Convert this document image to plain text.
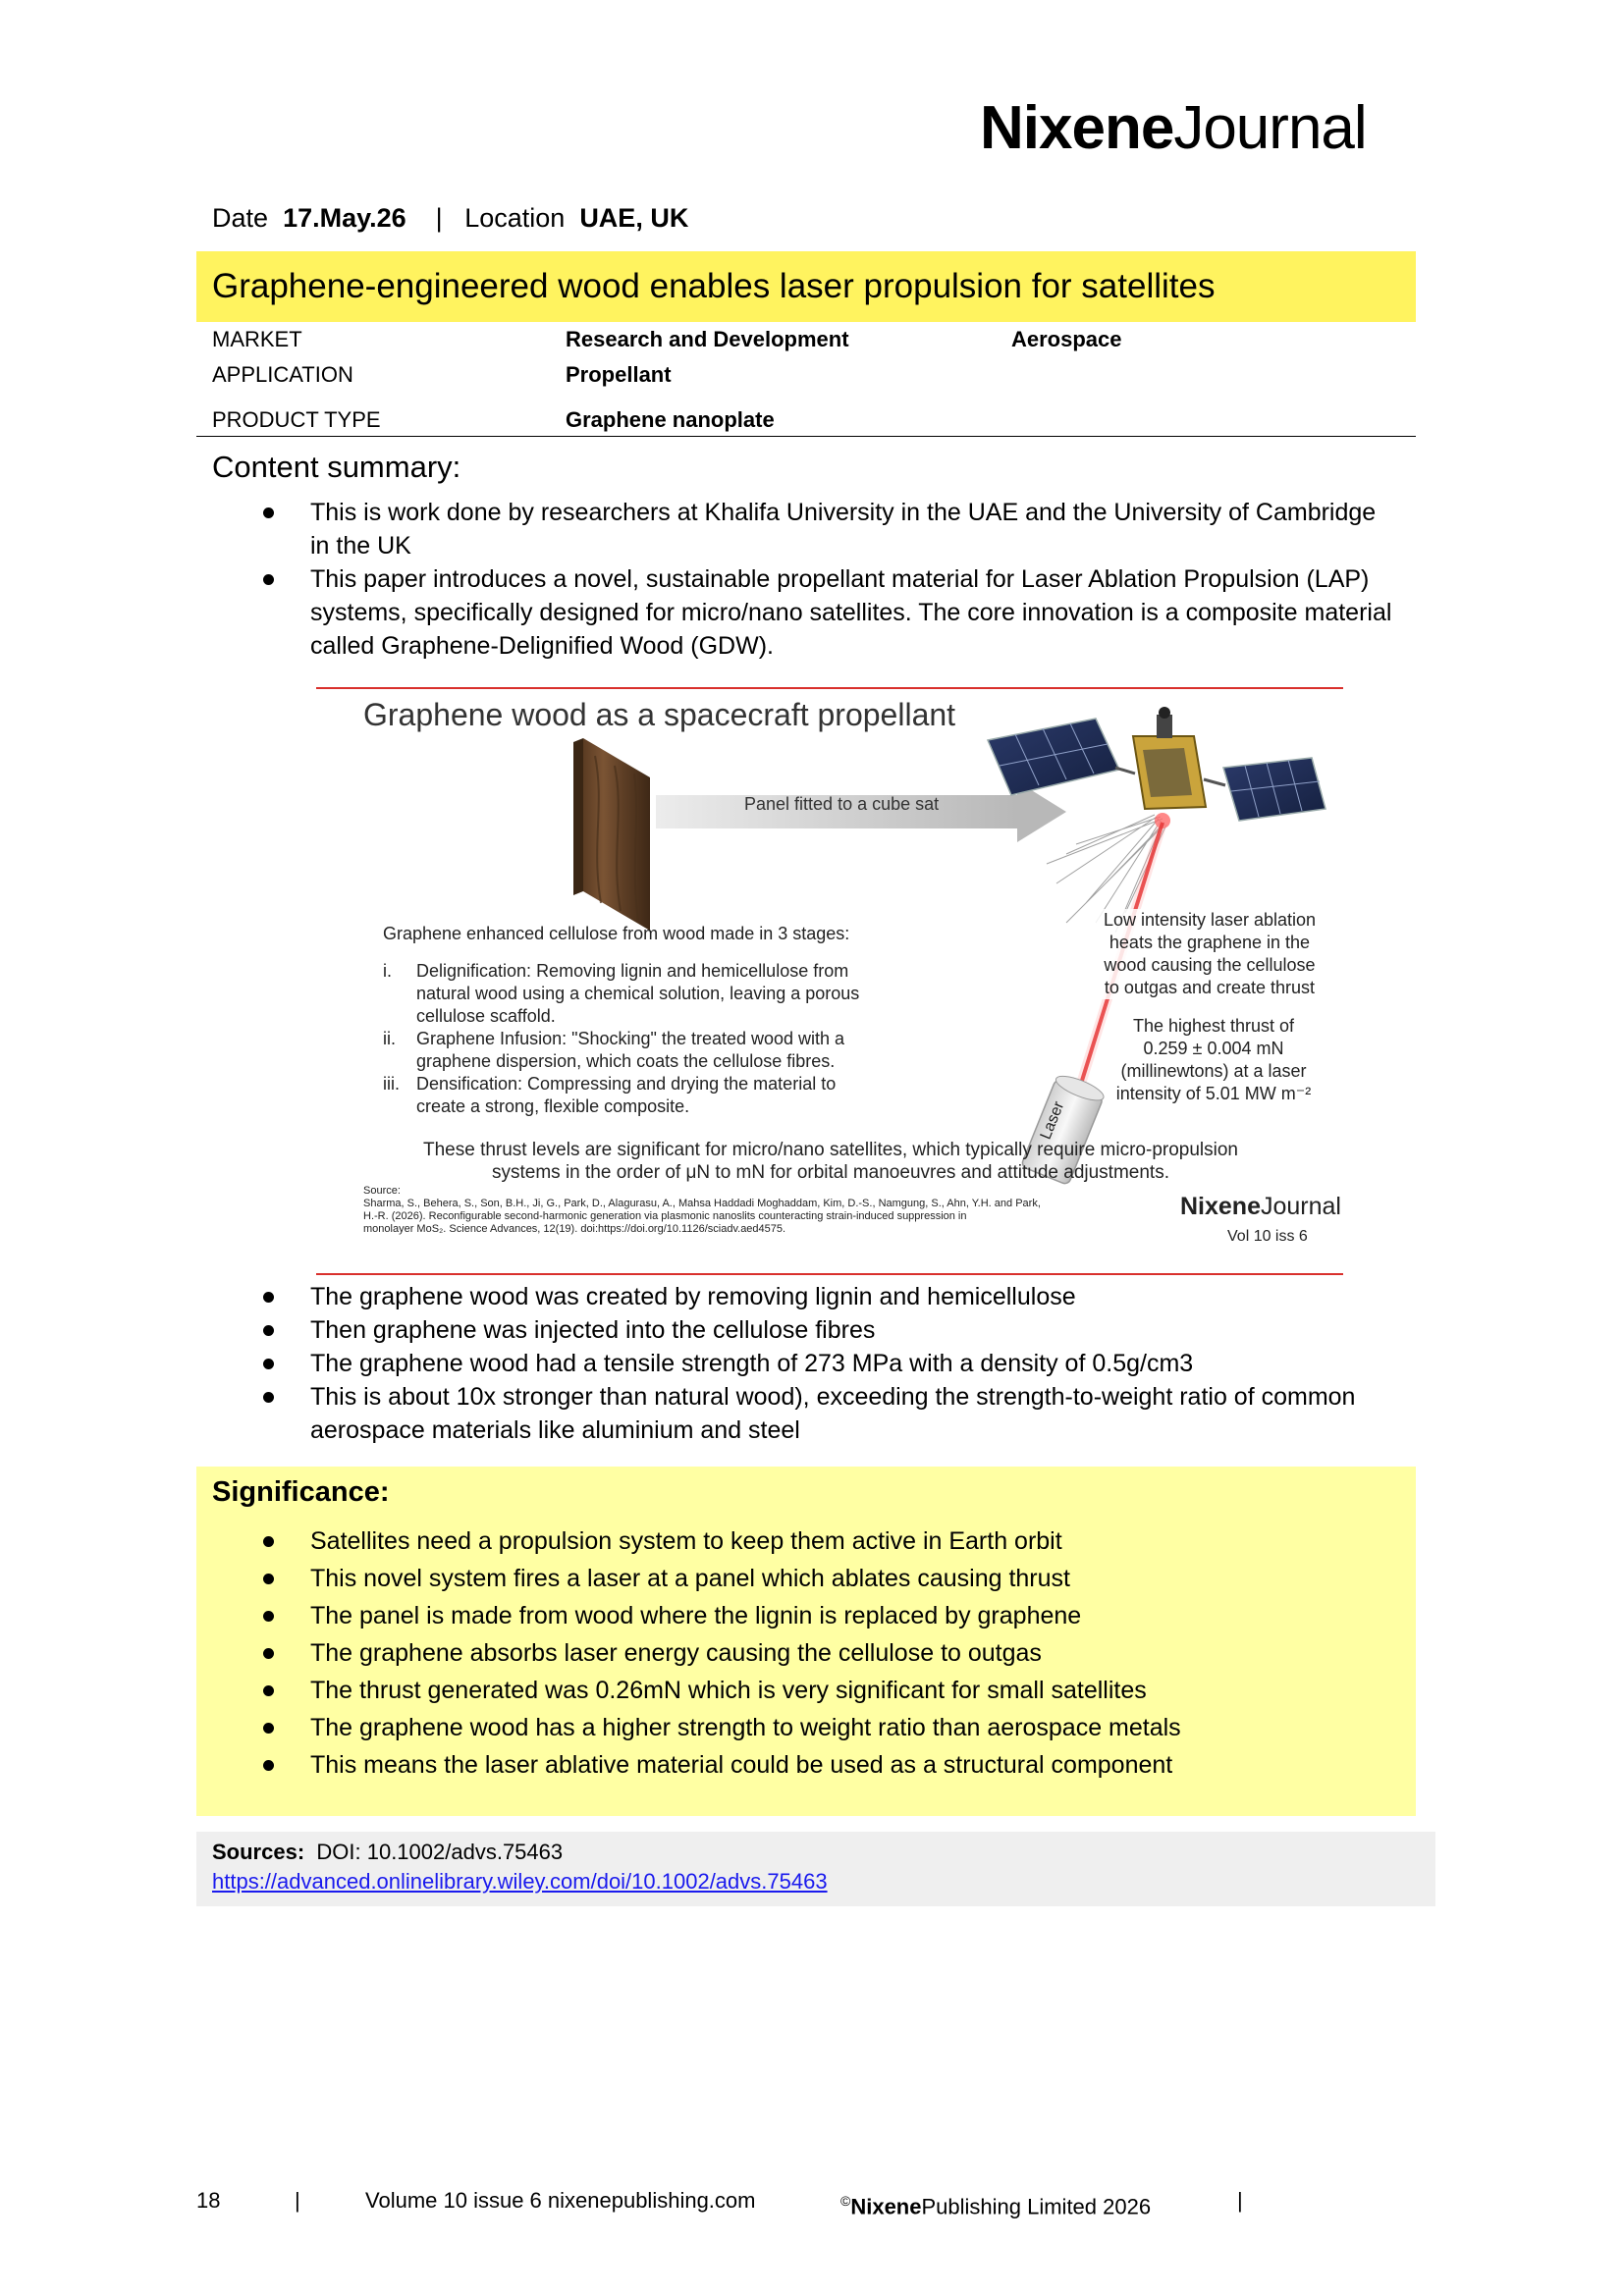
NixeneJournal
Date 17.May.26 | Location UAE, UK
Graphene-engineered wood enables laser propulsion for satellites
MARKET	Research and Development	Aerospace
APPLICATION	Propellant
PRODUCT TYPE	Graphene nanoplate
Content summary:
This is work done by researchers at Khalifa University in the UAE and the University of Cambridge in the UK
This paper introduces a novel, sustainable propellant material for Laser Ablation Propulsion (LAP) systems, specifically designed for micro/nano satellites. The core innovation is a composite material called Graphene-Delignified Wood (GDW).
Graphene wood as a spacecraft propellant
Panel fitted to a cube sat
Graphene enhanced cellulose from wood made in 3 stages:
i. Delignification: Removing lignin and hemicellulose from
natural wood using a chemical solution, leaving a porous
cellulose scaffold.
ii. Graphene Infusion: "Shocking" the treated wood with a
graphene dispersion, which coats the cellulose fibres.
iii. Densification: Compressing and drying the material to
create a strong, flexible composite.
Low intensity laser ablation
heats the graphene in the
wood causing the cellulose
to outgas and create thrust
The highest thrust of
0.259 ± 0.004 mN
(millinewtons) at a laser
intensity of 5.01 MW m⁻²
Laser
These thrust levels are significant for micro/nano satellites, which typically require micro-propulsion
systems in the order of μN to mN for orbital manoeuvres and attitude adjustments.
Source:
Sharma, S., Behera, S., Son, B.H., Ji, G., Park, D., Alagurasu, A., Mahsa Haddadi Moghaddam, Kim, D.-S., Namgung, S., Ahn, Y.H. and Park,
H.-R. (2026). Reconfigurable second-harmonic generation via plasmonic nanoslits counteracting strain-induced suppression in
monolayer MoS₂. Science Advances, 12(19). doi:https://doi.org/10.1126/sciadv.aed4575.
NixeneJournal
Vol 10 iss 6
The graphene wood was created by removing lignin and hemicellulose
Then graphene was injected into the cellulose fibres
The graphene wood had a tensile strength of 273 MPa with a density of 0.5g/cm3
This is about 10x stronger than natural wood), exceeding the strength-to-weight ratio of common aerospace materials like aluminium and steel
Significance:
Satellites need a propulsion system to keep them active in Earth orbit
This novel system fires a laser at a panel which ablates causing thrust
The panel is made from wood where the lignin is replaced by graphene
The graphene absorbs laser energy causing the cellulose to outgas
The thrust generated was 0.26mN which is very significant for small satellites
The graphene wood has a higher strength to weight ratio than aerospace metals
This means the laser ablative material could be used as a structural component
Sources: DOI: 10.1002/advs.75463
https://advanced.onlinelibrary.wiley.com/doi/10.1002/advs.75463
18	|	Volume 10 issue 6 nixenepublishing.com	©NixenePublishing Limited 2026	|
